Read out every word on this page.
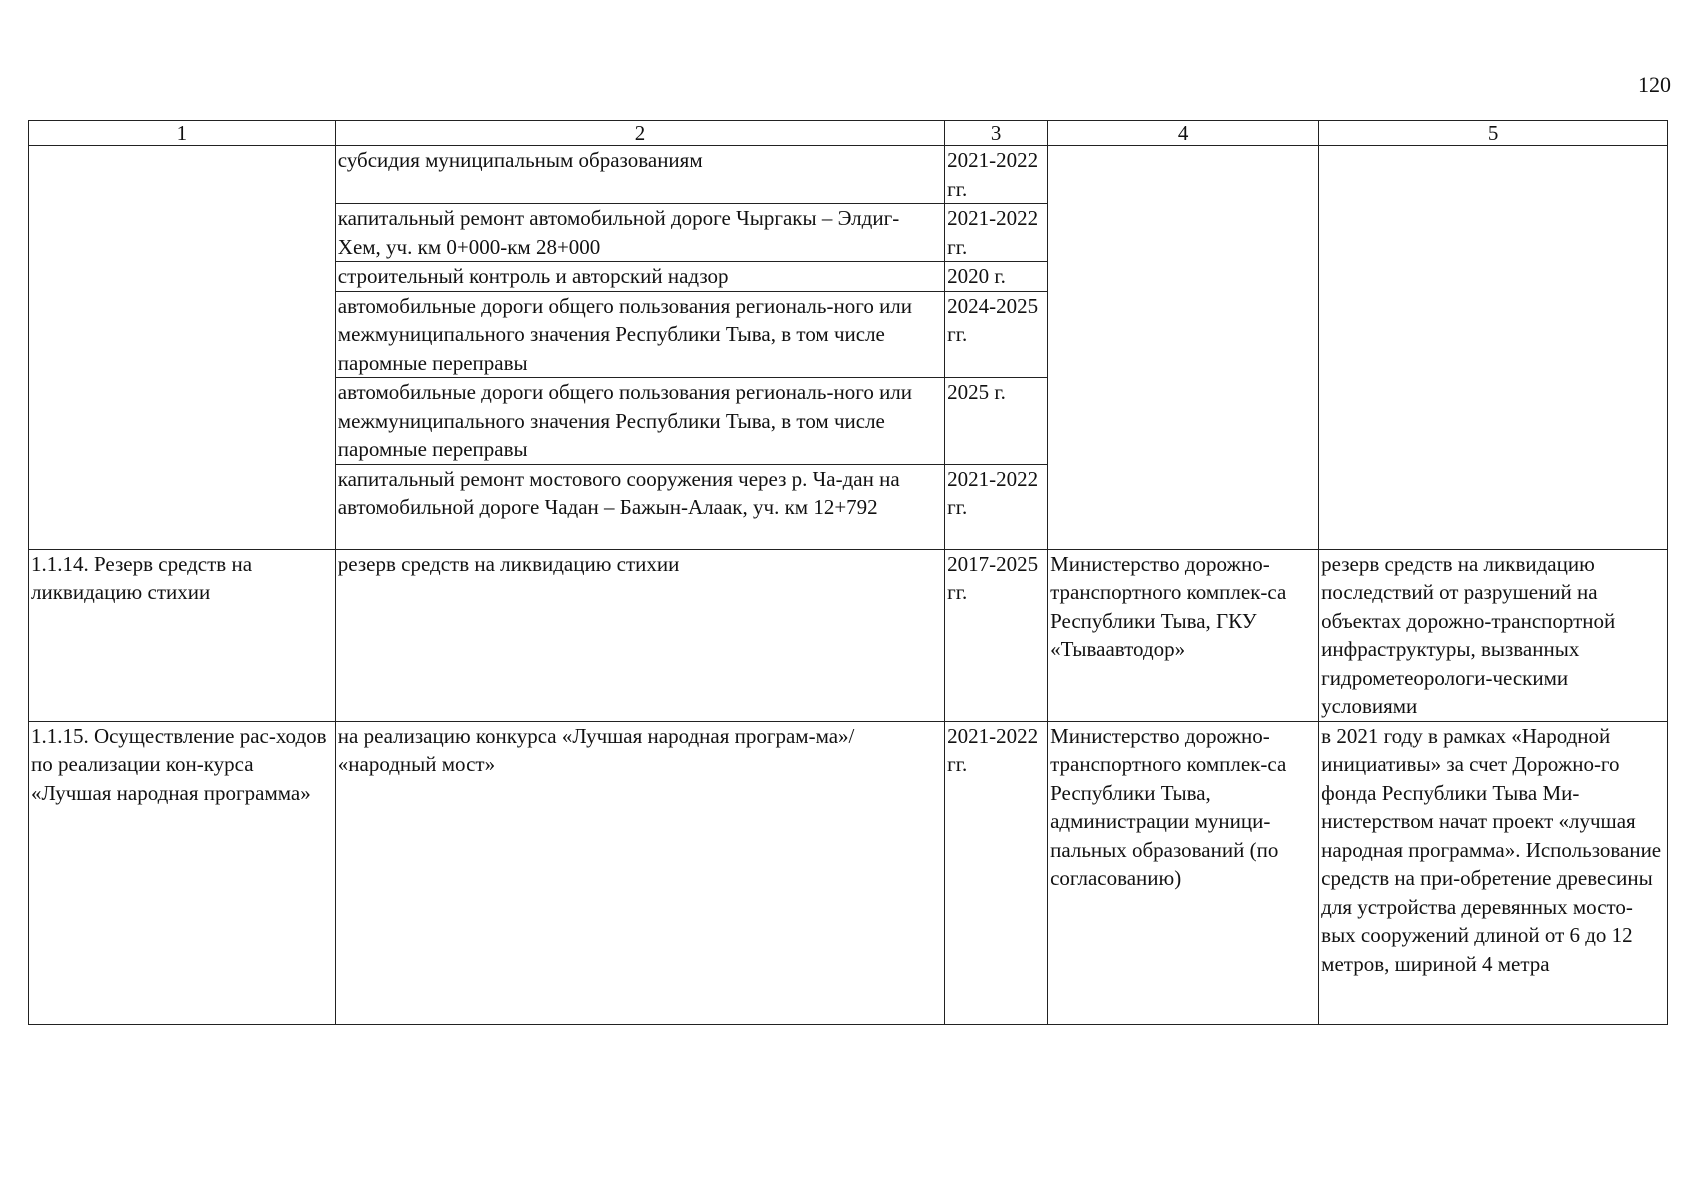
120
1	2	3	4	5
	субсидия муниципальным образованиям	2021-2022 гг.		
	капитальный ремонт автомобильной дороге Чыргакы – Элдиг-Хем, уч. км 0+000-км 28+000	2021-2022 гг.		
	строительный контроль и авторский надзор	2020 г.		
	автомобильные дороги общего пользования региональ-ного или межмуниципального значения Республики Тыва, в том числе паромные переправы	2024-2025 гг.		
	автомобильные дороги общего пользования региональ-ного или межмуниципального значения Республики Тыва, в том числе паромные переправы	2025 г.		
	капитальный ремонт мостового сооружения через р. Ча-дан на автомобильной дороге Чадан – Бажын-Алаак, уч. км 12+792	2021-2022 гг.		
1.1.14. Резерв средств на ликвидацию стихии	резерв средств на ликвидацию стихии	2017-2025 гг.	Министерство дорожно-транспортного комплек-са Республики Тыва, ГКУ «Тываавтодор»	резерв средств на ликвидацию последствий от разрушений на объектах дорожно-транспортной инфраструктуры, вызванных гидрометеорологи-ческими условиями
1.1.15. Осуществление рас-ходов по реализации кон-курса «Лучшая народная программа»	на реализацию конкурса «Лучшая народная програм-ма»/ «народный мост»	2021-2022 гг.	Министерство дорожно-транспортного комплек-са Республики Тыва, администрации муници-пальных образований (по согласованию)	в 2021 году в рамках «Народной инициативы» за счет Дорожно-го фонда Республики Тыва Ми-нистерством начат проект «лучшая народная программа». Использование средств на при-обретение древесины для устройства деревянных мосто-вых сооружений длиной от 6 до 12 метров, шириной 4 метра
